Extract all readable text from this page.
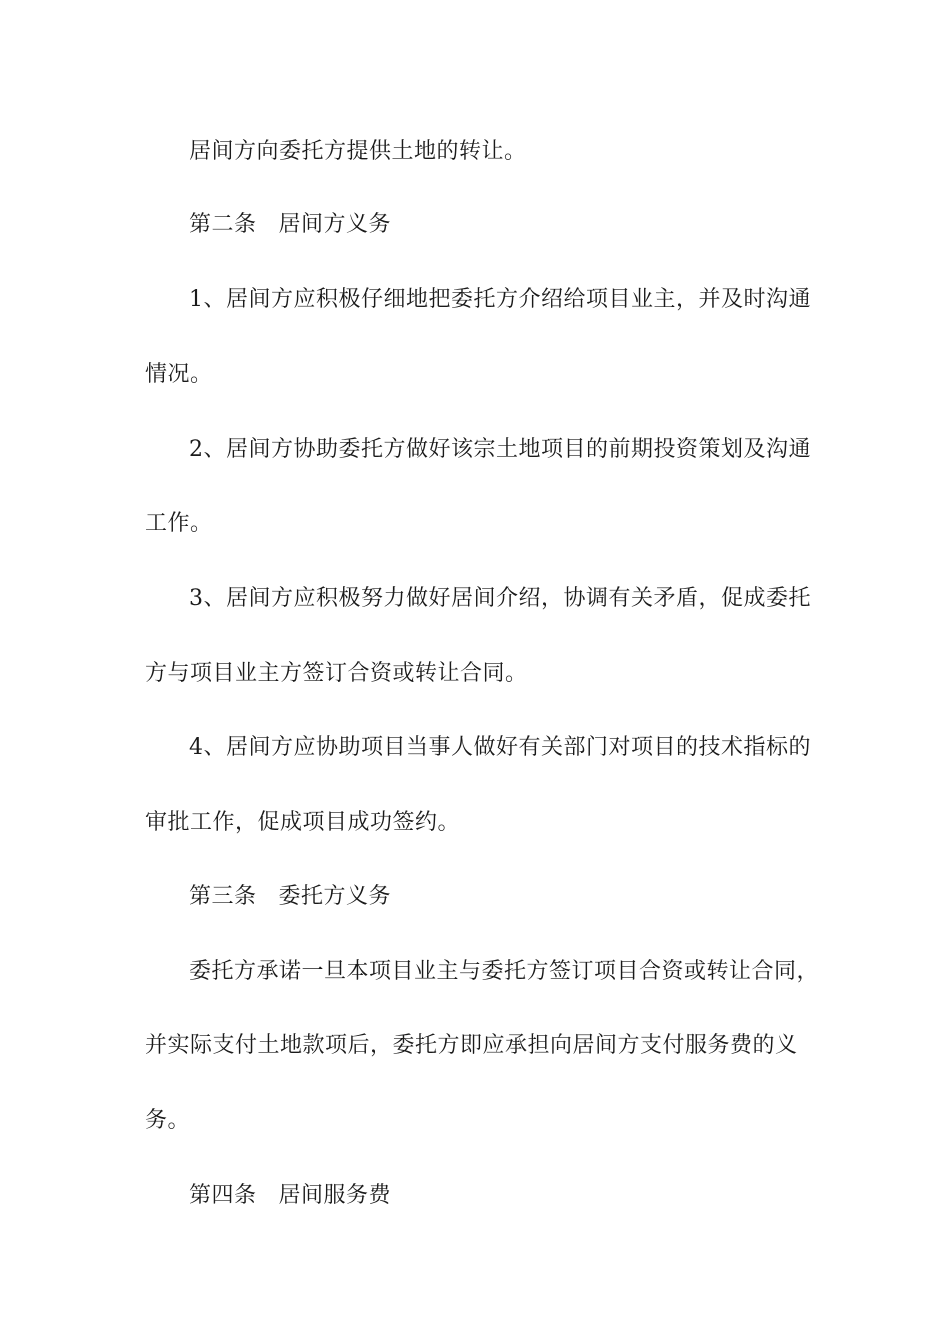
居间方向委托方提供土地的转让。
第二条 居间方义务
1、居间方应积极仔细地把委托方介绍给项目业主，并及时沟通
情况。
2、居间方协助委托方做好该宗土地项目的前期投资策划及沟通
工作。
3、居间方应积极努力做好居间介绍，协调有关矛盾，促成委托
方与项目业主方签订合资或转让合同。
4、居间方应协助项目当事人做好有关部门对项目的技术指标的
审批工作，促成项目成功签约。
第三条 委托方义务
委托方承诺一旦本项目业主与委托方签订项目合资或转让合同，
并实际支付土地款项后，委托方即应承担向居间方支付服务费的义
务。
第四条 居间服务费
